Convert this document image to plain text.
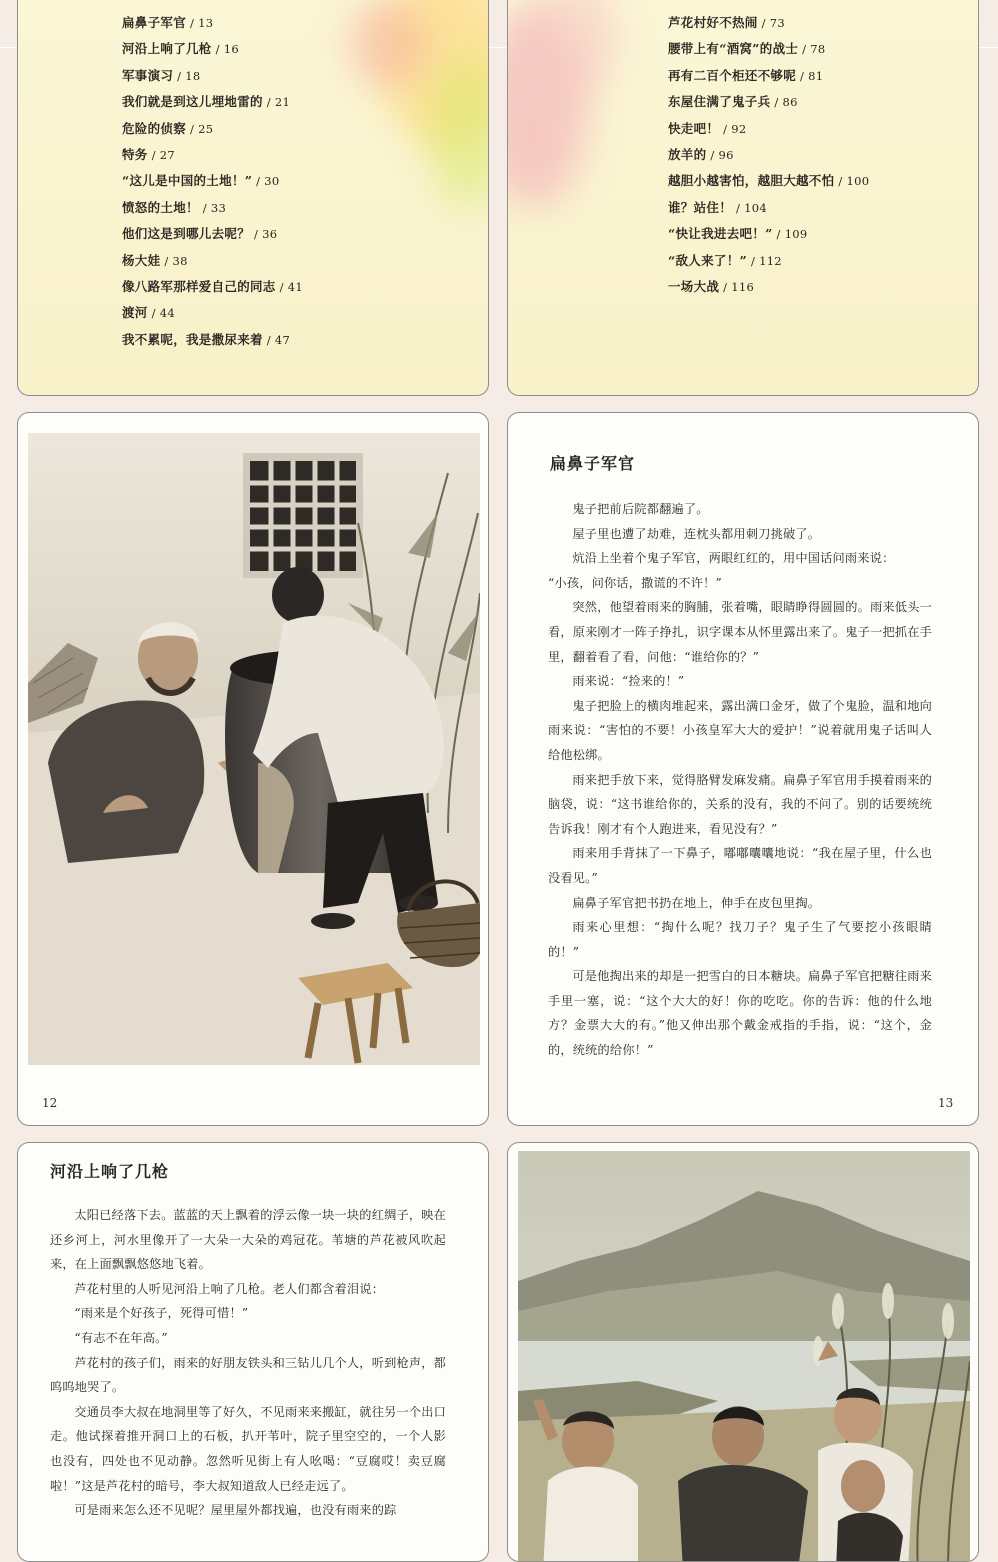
扁鼻子军官 / 13
河沿上响了几枪 / 16
军事演习 / 18
我们就是到这儿埋地雷的 / 21
危险的侦察 / 25
特务 / 27
“这儿是中国的土地！” / 30
愤怒的土地！ / 33
他们这是到哪儿去呢？ / 36
杨大娃 / 38
像八路军那样爱自己的同志 / 41
渡河 / 44
我不累呢，我是撒尿来着 / 47
芦花村好不热闹 / 73
腰带上有“酒窝”的战士 / 78
再有二百个柜还不够呢 / 81
东屋住满了鬼子兵 / 86
快走吧！ / 92
放羊的 / 96
越胆小越害怕，越胆大越不怕 / 100
谁？站住！ / 104
“快让我进去吧！” / 109
“敌人来了！” / 112
一场大战 / 116
12
扁鼻子军官

鬼子把前后院都翻遍了。

屋子里也遭了劫难，连枕头都用刺刀挑破了。

炕沿上坐着个鬼子军官，两眼红红的，用中国话问雨来说：

“小孩，问你话，撒谎的不许！”

突然，他望着雨来的胸脯，张着嘴，眼睛睁得圆圆的。雨来低头一看，原来刚才一阵子挣扎，识字课本从怀里露出来了。鬼子一把抓在手里，翻着看了看，问他：“谁给你的？”

雨来说：“捡来的！”

鬼子把脸上的横肉堆起来，露出满口金牙，做了个鬼脸，温和地向雨来说：“害怕的不要！小孩皇军大大的爱护！”说着就用鬼子话叫人给他松绑。

雨来把手放下来，觉得胳臂发麻发痛。扁鼻子军官用手摸着雨来的脑袋，说：“这书谁给你的，关系的没有，我的不问了。别的话要统统告诉我！刚才有个人跑进来，看见没有？”

雨来用手背抹了一下鼻子，嘟嘟囔囔地说：“我在屋子里，什么也没看见。”

扁鼻子军官把书扔在地上，伸手在皮包里掏。

雨来心里想：“掏什么呢？找刀子？鬼子生了气要挖小孩眼睛的！”

可是他掏出来的却是一把雪白的日本糖块。扁鼻子军官把糖往雨来手里一塞，说：“这个大大的好！你的吃吃。你的告诉：他的什么地方？金票大大的有。”他又伸出那个戴金戒指的手指，说：“这个，金的，统统的给你！”

13
河沿上响了几枪

太阳已经落下去。蓝蓝的天上飘着的浮云像一块一块的红绸子，映在还乡河上，河水里像开了一大朵一大朵的鸡冠花。苇塘的芦花被风吹起来，在上面飘飘悠悠地飞着。

芦花村里的人听见河沿上响了几枪。老人们都含着泪说：

“雨来是个好孩子，死得可惜！”

“有志不在年高。”

芦花村的孩子们，雨来的好朋友铁头和三钻儿几个人，听到枪声，都呜呜地哭了。

交通员李大叔在地洞里等了好久，不见雨来来搬缸，就往另一个出口走。他试探着推开洞口上的石板，扒开苇叶，院子里空空的，一个人影也没有，四处也不见动静。忽然听见街上有人吆喝：“豆腐哎！卖豆腐啦！”这是芦花村的暗号，李大叔知道敌人已经走远了。

可是雨来怎么还不见呢？屋里屋外都找遍，也没有雨来的踪
